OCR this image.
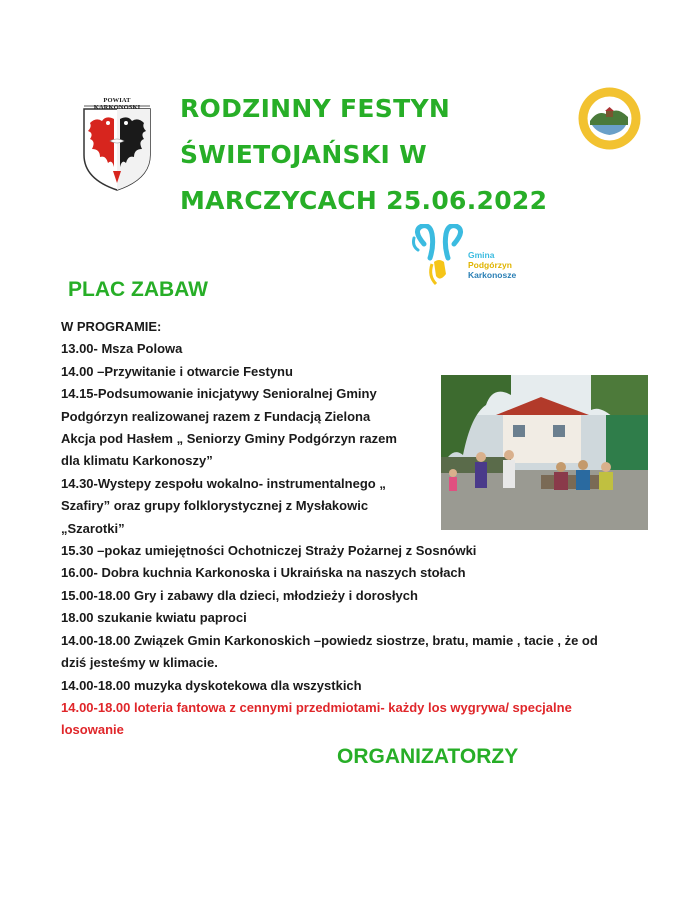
POWIAT KARKONOSKI	RODZINNY FESTYN
ŚWIETOJAŃSKI W
MARCZYCACH 25.06.2022
Gmina
Podgórzyn
Karkonosze
PLAC ZABAW
W PROGRAMIE:
13.00- Msza Polowa
14.00 –Przywitanie i otwarcie Festynu
14.15-Podsumowanie inicjatywy Senioralnej Gminy
Podgórzyn realizowanej razem z Fundacją Zielona
Akcja pod Hasłem „ Seniorzy Gminy Podgórzyn razem
dla klimatu Karkonoszy”
14.30-Wystepy zespołu wokalno- instrumentalnego „
Szafiry” oraz grupy folklorystycznej z Mysłakowic
„Szarotki”
15.30 –pokaz umiejętności Ochotniczej Straży Pożarnej z Sosnówki
16.00- Dobra kuchnia Karkonoska i Ukraińska na naszych stołach
15.00-18.00 Gry i zabawy dla dzieci, młodzieży i dorosłych
18.00 szukanie kwiatu paproci
14.00-18.00 Związek Gmin Karkonoskich –powiedz siostrze, bratu, mamie , tacie , że od
dziś jesteśmy w klimacie.
14.00-18.00 muzyka dyskotekowa dla wszystkich
14.00-18.00 loteria fantowa z cennymi przedmiotami- każdy los wygrywa/ specjalne
losowanie
ORGANIZATORZY
